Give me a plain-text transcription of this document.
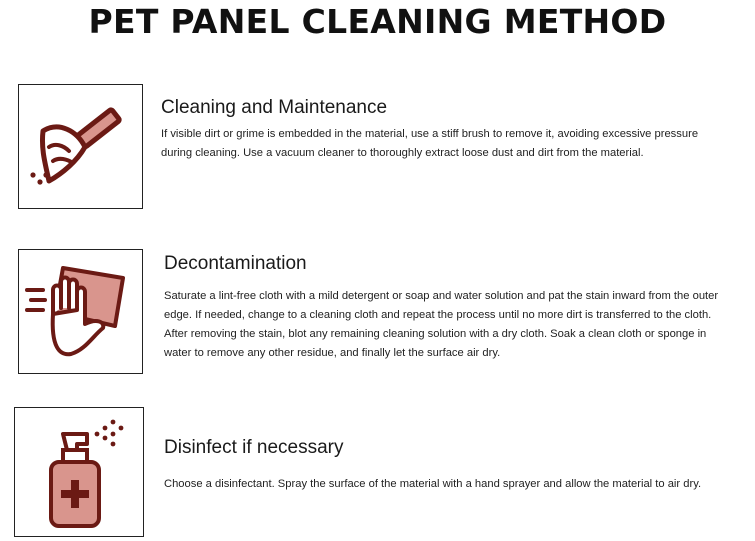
PET PANEL CLEANING METHOD
Cleaning and Maintenance
If visible dirt or grime is embedded in the material, use a stiff brush to remove it, avoiding excessive pressure during cleaning. Use a vacuum cleaner to thoroughly extract loose dust and dirt from the material.
Decontamination
Saturate a lint-free cloth with a mild detergent or soap and water solution and pat the stain inward from the outer edge. If needed, change to a cleaning cloth and repeat the process until no more dirt is transferred to the cloth. After removing the stain, blot any remaining cleaning solution with a dry cloth. Soak a clean cloth or sponge in water to remove any other residue, and finally let the surface air dry.
Disinfect if necessary
Choose a disinfectant. Spray the surface of the material with a hand sprayer and allow the material to air dry.
